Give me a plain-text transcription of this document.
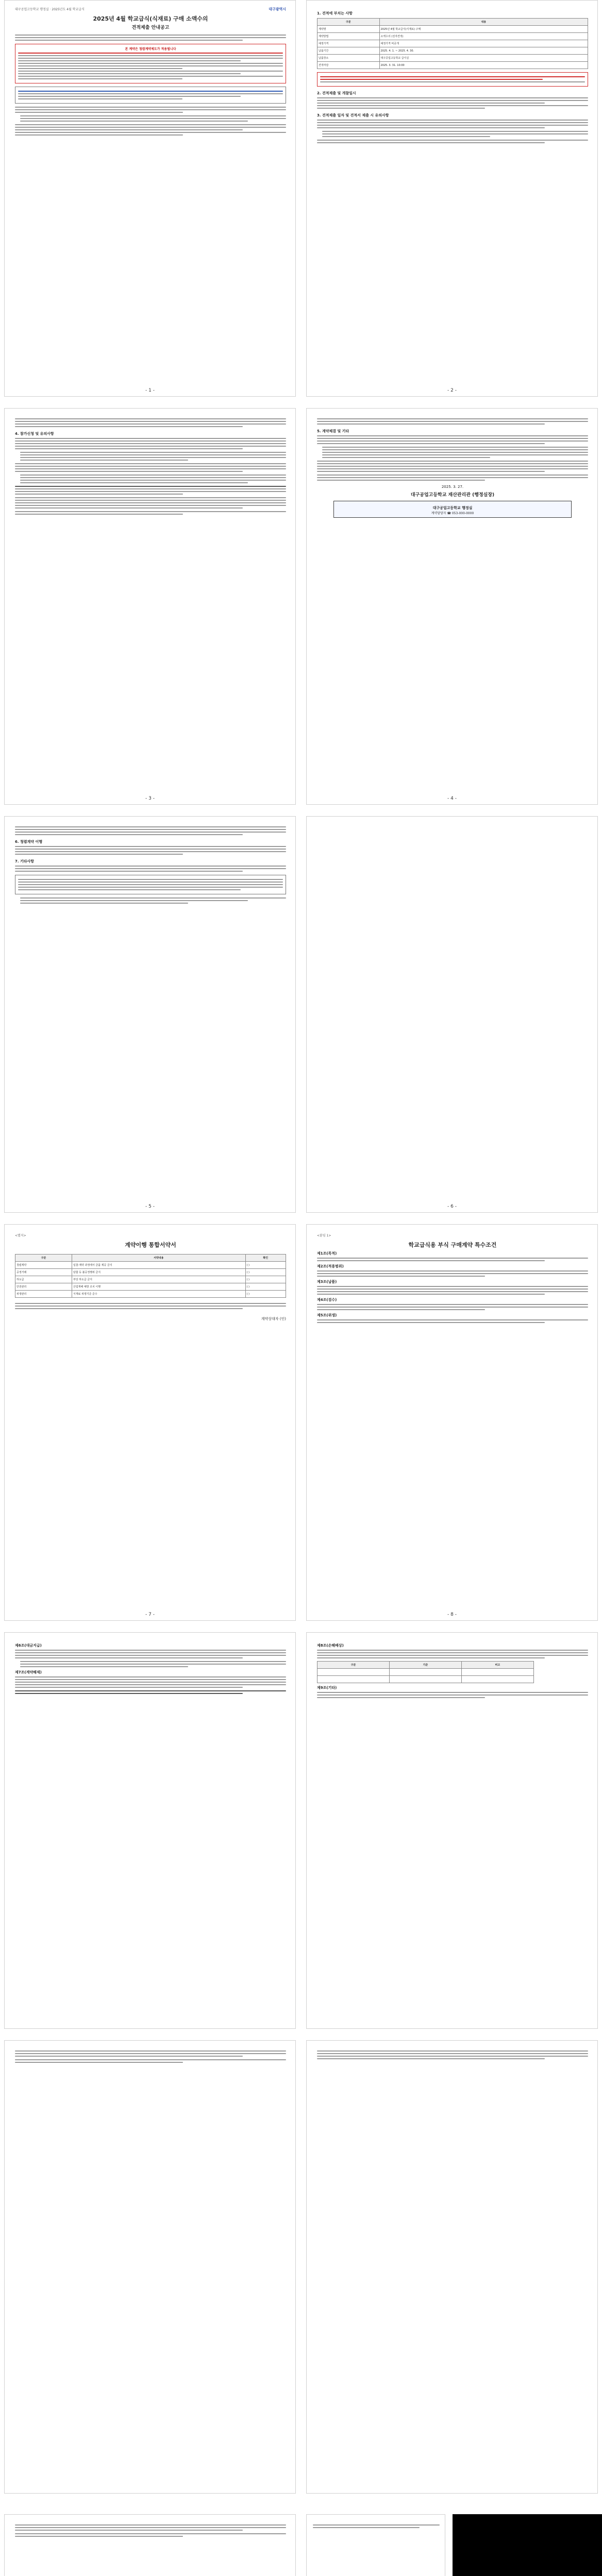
대구공업고등학교 행정실 · 2025년도 4월 학교급식	대구광역시
2025년 4월 학교급식(식재료) 구매 소액수의
견적제출 안내공고
본 계약은 청렴계약제도가 적용됩니다
- 1 -
1. 견적에 부치는 사항
구분	내용
계약명	2025년 4월 학교급식(식재료) 구매
계약방법	소액수의 (전자견적)
예정가격	예정가격 비공개
납품기간	2025. 4. 1. ~ 2025. 4. 30.
납품장소	대구공업고등학교 급식실
견적마감	2025. 3. 31. 10:00
2. 견적제출 및 개찰일시
3. 견적제출 일자 및 견적서 제출 시 유의사항
- 2 -
4. 참가신청 및 유의사항
- 3 -
5. 계약체결 및 기타
2025. 3. 27.
대구공업고등학교 재산관리관 (행정실장)
대구공업고등학교 행정실
계약담당자 ☎ 053-000-0000
- 4 -
6. 청렴계약 이행
7. 기타사항
- 5 -	- 6 -
<별지>
계약이행 통합서약서
구분	서약내용	확인
청렴계약	입찰·계약 과정에서 금품 제공 금지	( )
공정거래	담합 등 불공정행위 금지	( )
하도급	부당 하도급 금지	( )
안전관리	산업재해 예방 조치 이행	( )
위생관리	식재료 위생기준 준수	( )
계약상대자 (인)
- 7 -
<붙임 1>
학교급식용 부식 구매계약 특수조건
제1조(목적)
제2조(적용범위)
제3조(납품)
제4조(검수)
제5조(위생)
- 8 -
제6조(대금지급)
제7조(계약해제)
제8조(손해배상)
구분	기준	비고

제9조(기타)
